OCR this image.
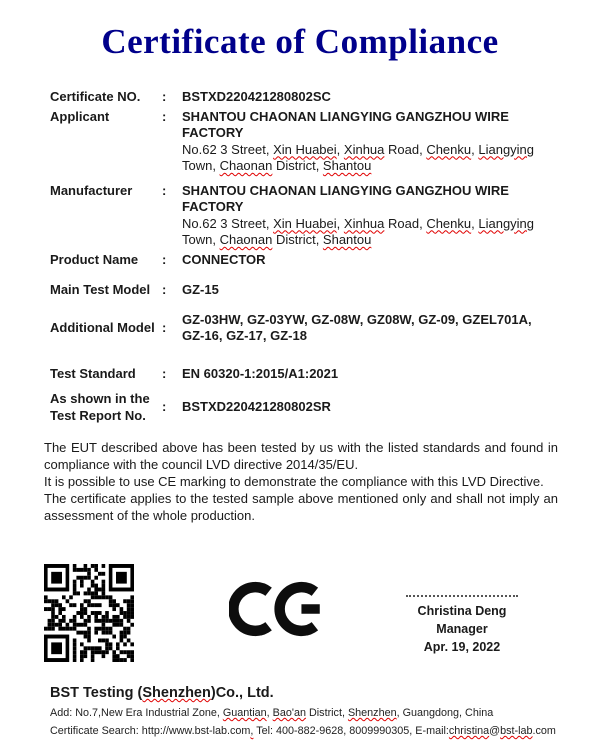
Certificate of Compliance
Certificate NO.	:	BSTXD220421280802SC
Applicant	:	SHANTOU CHAONAN LIANGYING GANGZHOU WIRE
FACTORY
No.62 3 Street, Xin Huabei, Xinhua Road, Chenku, Liangying
Town, Chaonan District, Shantou
Manufacturer	:	SHANTOU CHAONAN LIANGYING GANGZHOU WIRE
FACTORY
No.62 3 Street, Xin Huabei, Xinhua Road, Chenku, Liangying
Town, Chaonan District, Shantou
Product Name	:	CONNECTOR
Main Test Model :	GZ-15
Additional Model :
GZ-03HW, GZ-03YW, GZ-08W, GZ08W, GZ-09, GZEL701A,
GZ-16, GZ-17, GZ-18
Test Standard	:	EN 60320-1:2015/A1:2021
As shown in the
Test Report No.
:	BSTXD220421280802SR
The EUT described above has been tested by us with the listed standards and found in compliance with the council LVD directive 2014/35/EU.
It is possible to use CE marking to demonstrate the compliance with this LVD Directive.
The certificate applies to the tested sample above mentioned only and shall not imply an assessment of the whole production.
Christina Deng
Manager
Apr. 19, 2022
BST Testing (Shenzhen)Co., Ltd.
Add: No.7,New Era Industrial Zone, Guantian, Bao'an District, Shenzhen, Guangdong, China
Certificate Search: http://www.bst-lab.com, Tel: 400-882-9628, 8009990305, E-mail:christina@bst-lab.com
